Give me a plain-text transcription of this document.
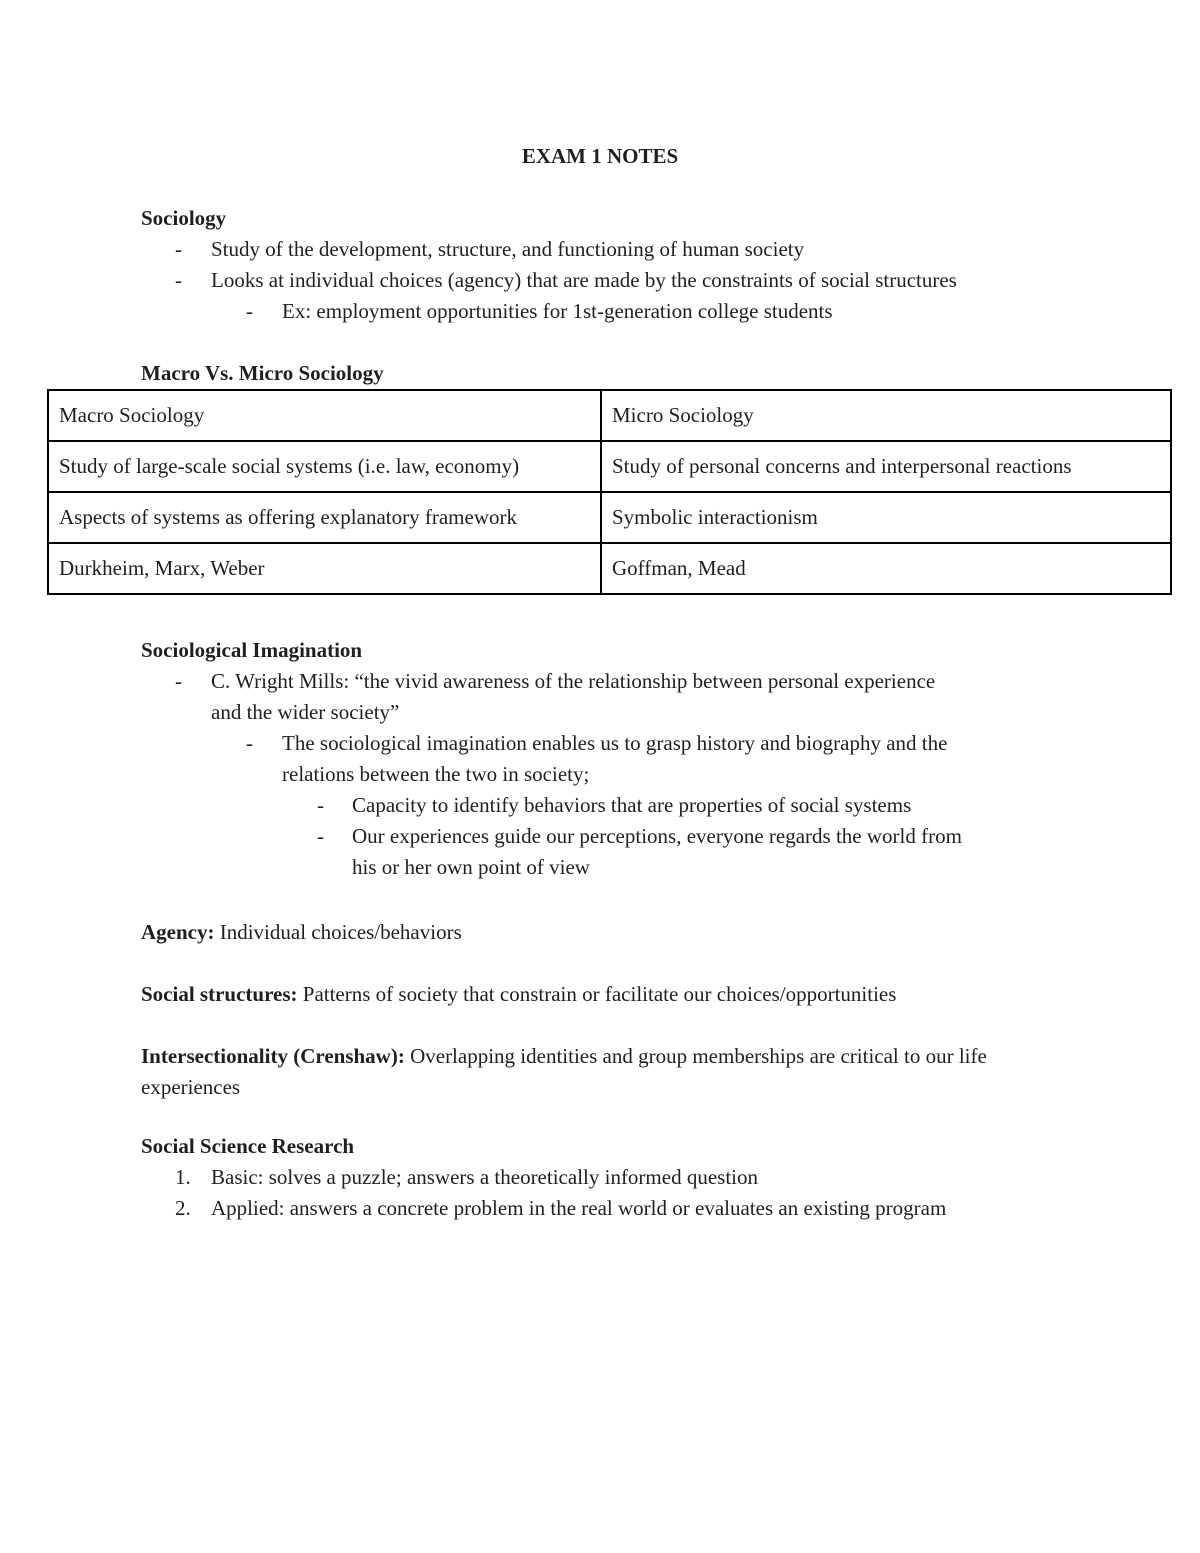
EXAM 1 NOTES
Sociology
- Study of the development, structure, and functioning of human society
- Looks at individual choices (agency) that are made by the constraints of social structures
- Ex: employment opportunities for 1st-generation college students
Macro Vs. Micro Sociology
Macro Sociology	Micro Sociology
Study of large-scale social systems (i.e. law, economy)	Study of personal concerns and interpersonal reactions
Aspects of systems as offering explanatory framework	Symbolic interactionism
Durkheim, Marx, Weber	Goffman, Mead
Sociological Imagination
- C. Wright Mills: “the vivid awareness of the relationship between personal experience
and the wider society”
- The sociological imagination enables us to grasp history and biography and the
relations between the two in society;
- Capacity to identify behaviors that are properties of social systems
- Our experiences guide our perceptions, everyone regards the world from
his or her own point of view
Agency: Individual choices/behaviors
Social structures: Patterns of society that constrain or facilitate our choices/opportunities
Intersectionality (Crenshaw): Overlapping identities and group memberships are critical to our life experiences
Social Science Research
1. Basic: solves a puzzle; answers a theoretically informed question
2. Applied: answers a concrete problem in the real world or evaluates an existing program
